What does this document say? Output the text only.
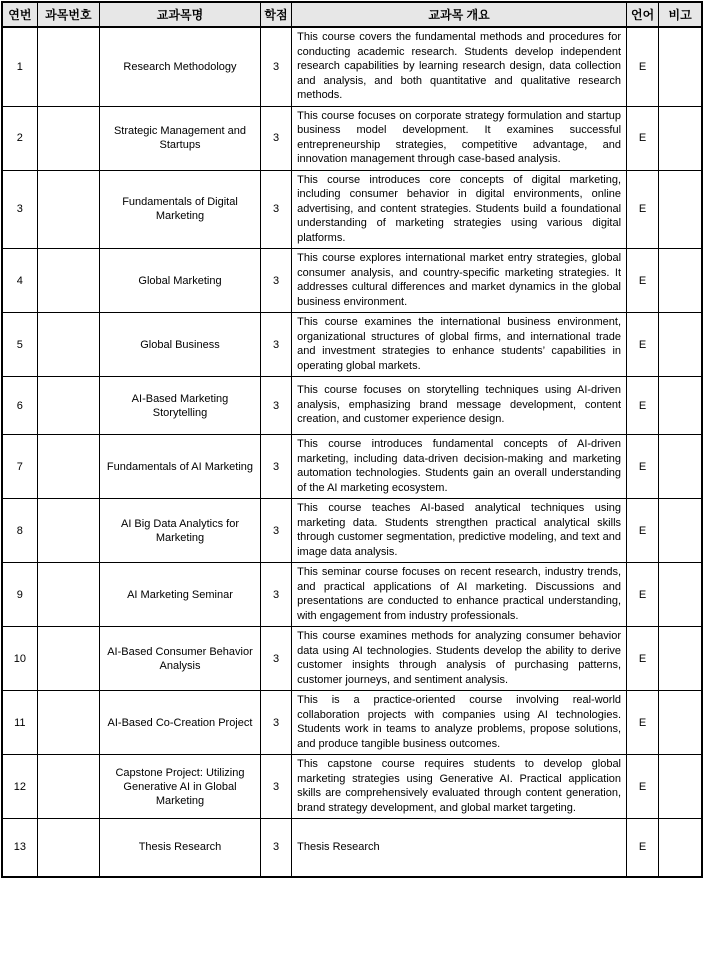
연번	과목번호	교과목명	학점	교과목 개요	언어	비고
1		Research Methodology	3	This course covers the fundamental methods and procedures for conducting academic research. Students develop independent research capabilities by learning research design, data collection and analysis, and both quantitative and qualitative research methods.	E	
2		Strategic Management and Startups	3	This course focuses on corporate strategy formulation and startup business model development. It examines successful entrepreneurship strategies, competitive advantage, and innovation management through case-based analysis.	E	
3		Fundamentals of Digital Marketing	3	This course introduces core concepts of digital marketing, including consumer behavior in digital environments, online advertising, and content strategies. Students build a foundational understanding of marketing strategies using various digital platforms.	E	
4		Global Marketing	3	This course explores international market entry strategies, global consumer analysis, and country-specific marketing strategies. It addresses cultural differences and market dynamics in the global business environment.	E	
5		Global Business	3	This course examines the international business environment, organizational structures of global firms, and international trade and investment strategies to enhance students’ capabilities in operating global markets.	E	
6		AI-Based Marketing Storytelling	3	This course focuses on storytelling techniques using AI-driven analysis, emphasizing brand message development, content creation, and customer experience design.	E	
7		Fundamentals of AI Marketing	3	This course introduces fundamental concepts of AI-driven marketing, including data-driven decision-making and marketing automation technologies. Students gain an overall understanding of the AI marketing ecosystem.	E	
8		AI Big Data Analytics for Marketing	3	This course teaches AI-based analytical techniques using marketing data. Students strengthen practical analytical skills through customer segmentation, predictive modeling, and text and image data analysis.	E	
9		AI Marketing Seminar	3	This seminar course focuses on recent research, industry trends, and practical applications of AI marketing. Discussions and presentations are conducted to enhance practical understanding, with engagement from industry professionals.	E	
10		AI-Based Consumer Behavior Analysis	3	This course examines methods for analyzing consumer behavior data using AI technologies. Students develop the ability to derive customer insights through analysis of purchasing patterns, customer journeys, and sentiment analysis.	E	
11		AI-Based Co-Creation Project	3	This is a practice-oriented course involving real-world collaboration projects with companies using AI technologies. Students work in teams to analyze problems, propose solutions, and produce tangible business outcomes.	E	
12		Capstone Project: Utilizing Generative AI in Global Marketing	3	This capstone course requires students to develop global marketing strategies using Generative AI. Practical application skills are comprehensively evaluated through content generation, brand strategy development, and global market targeting.	E	
13		Thesis Research	3	Thesis Research	E	
